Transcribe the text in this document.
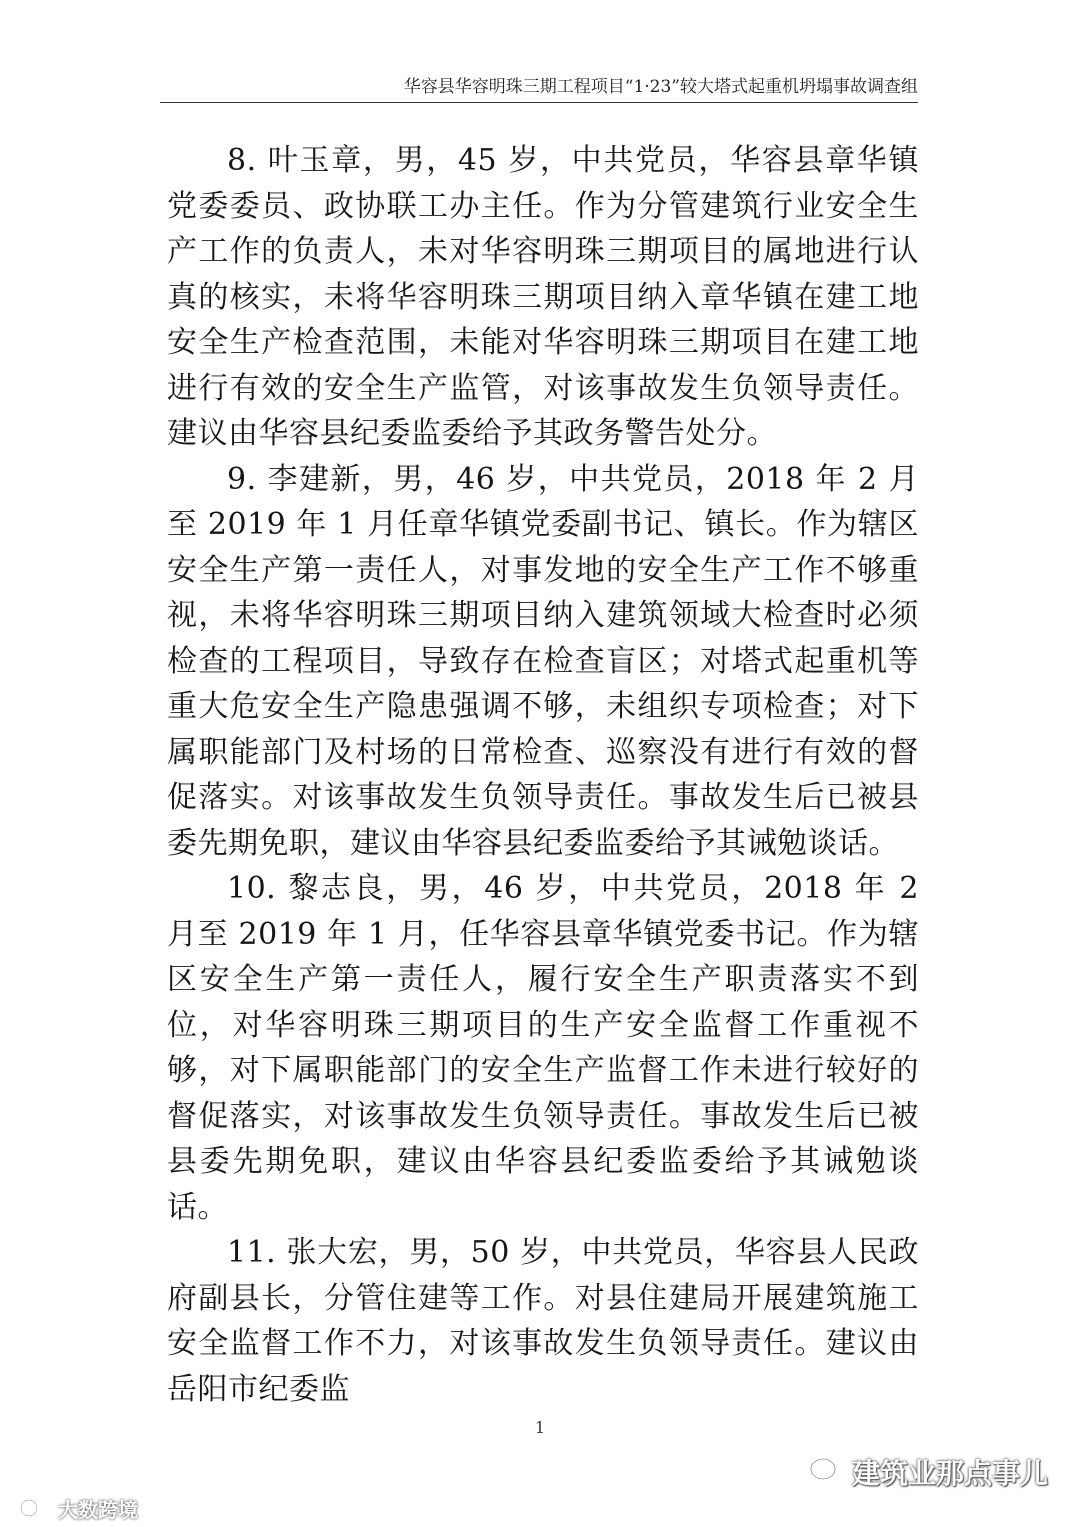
华容县华容明珠三期工程项目“1·23”较大塔式起重机坍塌事故调查组

8. 叶玉章，男，45 岁，中共党员，华容县章华镇党委委员、政协联工办主任。作为分管建筑行业安全生产工作的负责人，未对华容明珠三期项目的属地进行认真的核实，未将华容明珠三期项目纳入章华镇在建工地安全生产检查范围，未能对华容明珠三期项目在建工地进行有效的安全生产监管，对该事故发生负领导责任。建议由华容县纪委监委给予其政务警告处分。

9. 李建新，男，46 岁，中共党员，2018 年 2 月至 2019 年 1 月任章华镇党委副书记、镇长。作为辖区安全生产第一责任人，对事发地的安全生产工作不够重视，未将华容明珠三期项目纳入建筑领域大检查时必须检查的工程项目，导致存在检查盲区；对塔式起重机等重大危安全生产隐患强调不够，未组织专项检查；对下属职能部门及村场的日常检查、巡察没有进行有效的督促落实。对该事故发生负领导责任。事故发生后已被县委先期免职，建议由华容县纪委监委给予其诫勉谈话。

10. 黎志良，男，46 岁，中共党员，2018 年 2 月至 2019 年 1 月，任华容县章华镇党委书记。作为辖区安全生产第一责任人，履行安全生产职责落实不到位，对华容明珠三期项目的生产安全监督工作重视不够，对下属职能部门的安全生产监督工作未进行较好的督促落实，对该事故发生负领导责任。事故发生后已被县委先期免职，建议由华容县纪委监委给予其诫勉谈话。

11. 张大宏，男，50 岁，中共党员，华容县人民政府副县长，分管住建等工作。对县住建局开展建筑施工安全监督工作不力，对该事故发生负领导责任。建议由岳阳市纪委监

1
建筑业那点事儿
大数跨境
